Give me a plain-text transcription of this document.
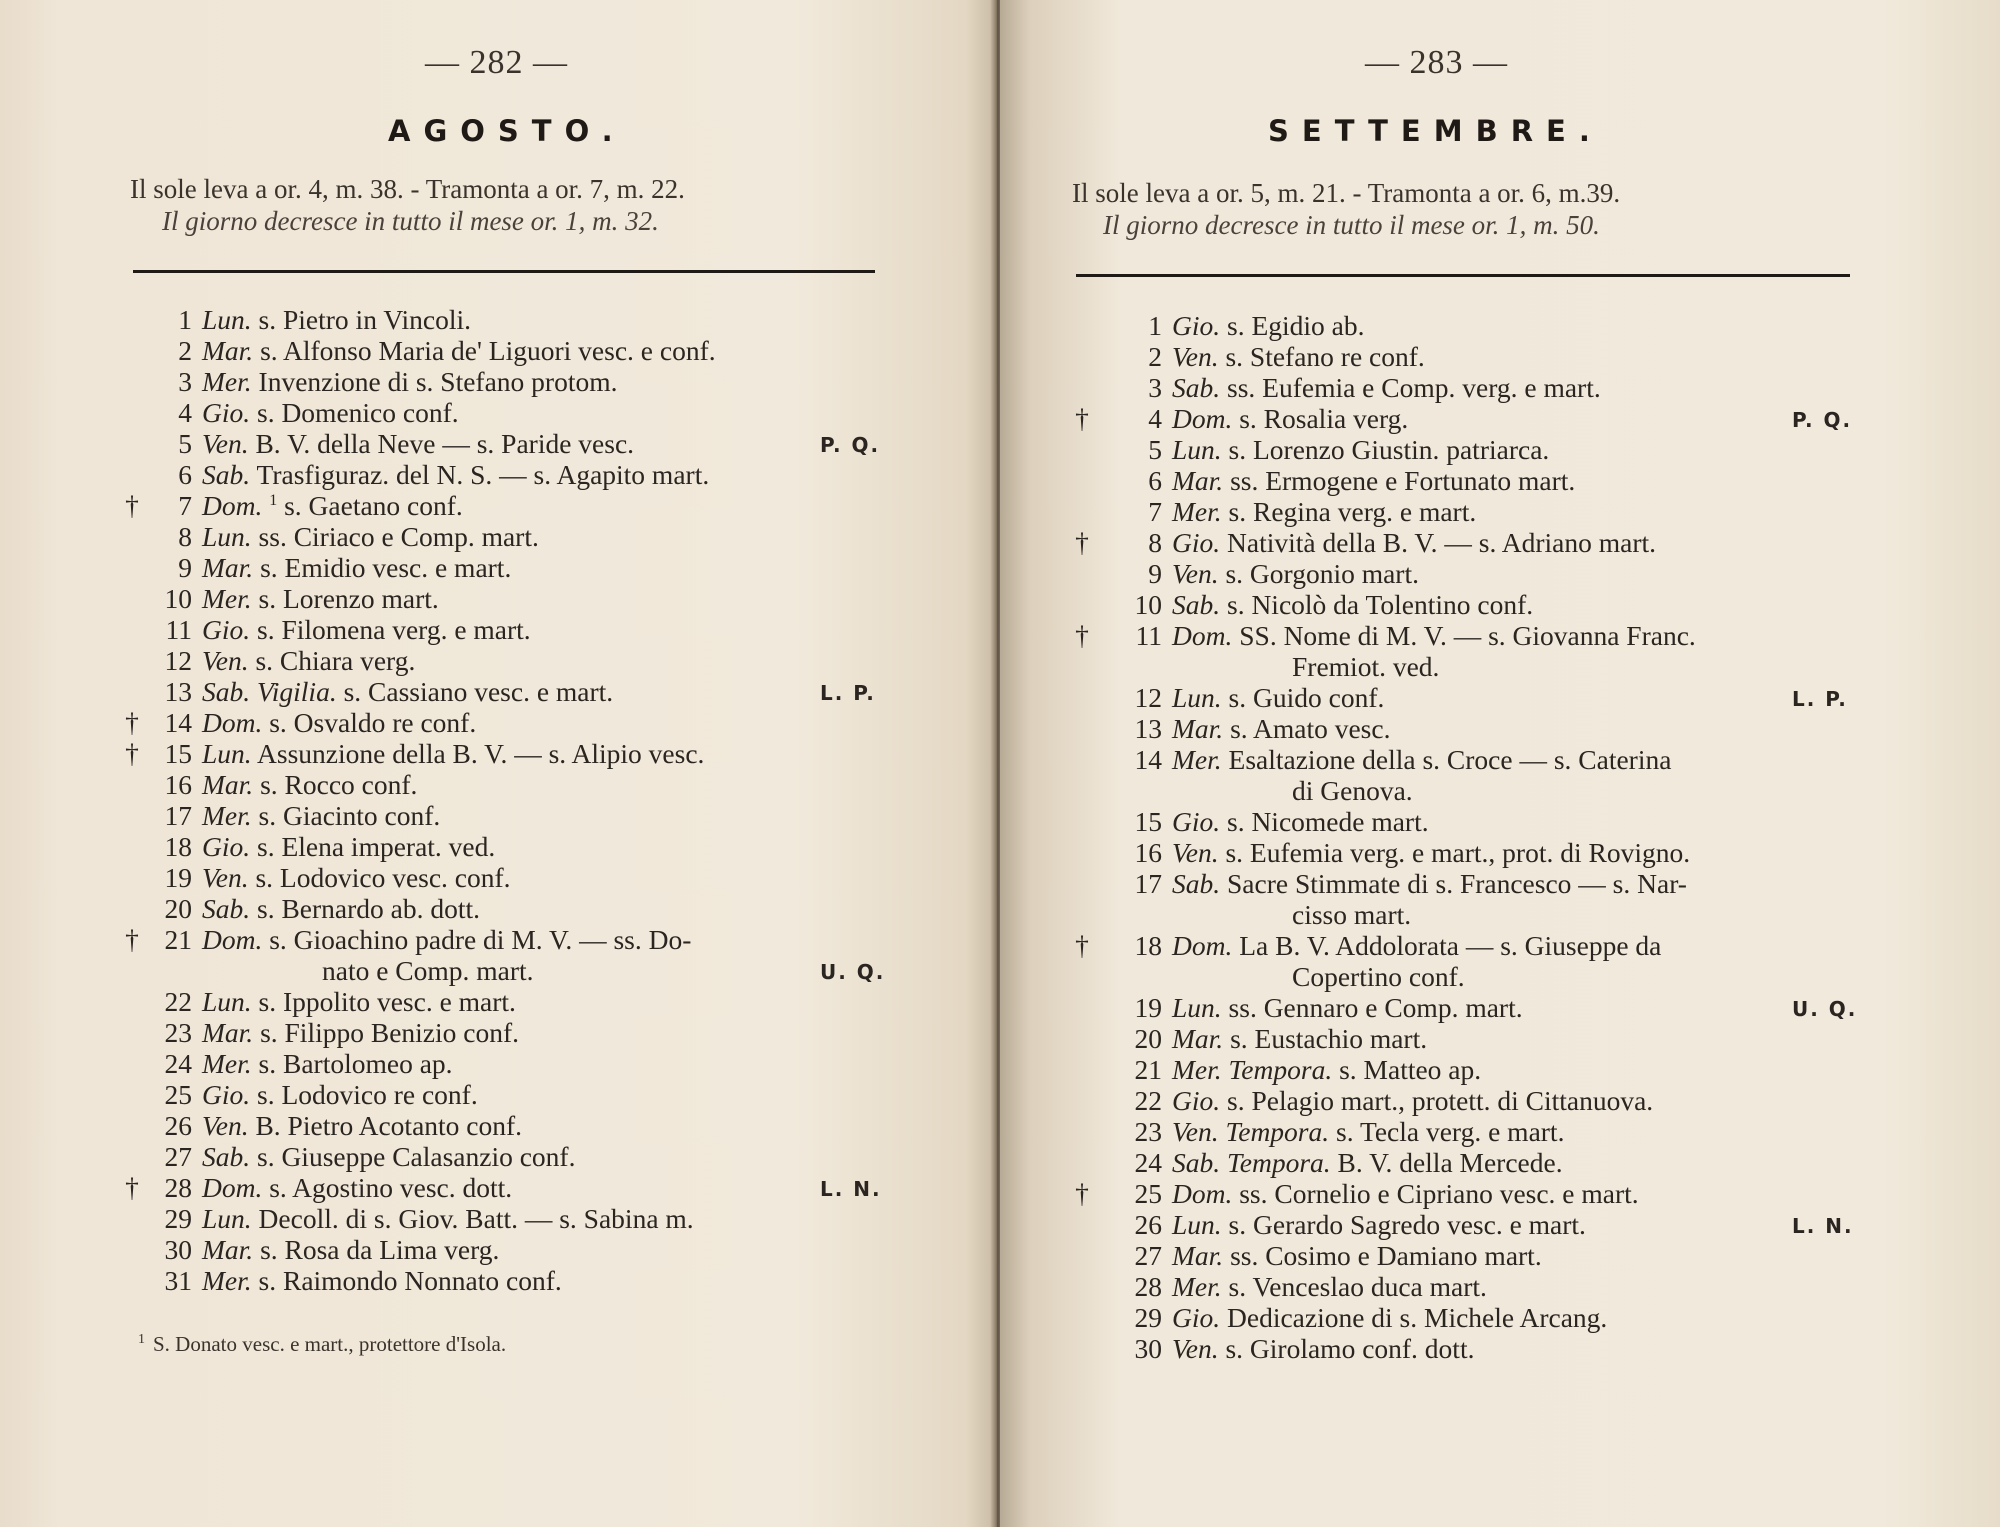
— 282 —
AGOSTO.
Il sole leva a or. 4, m. 38. - Tramonta a or. 7, m. 22.
Il giorno decresce in tutto il mese or. 1, m. 32.
1 Lun. s. Pietro in Vincoli.
2 Mar. s. Alfonso Maria de' Liguori vesc. e conf.
3 Mer. Invenzione di s. Stefano protom.
4 Gio. s. Domenico conf.
5 Ven. B. V. della Neve — s. Paride vesc.	P. Q.
6 Sab. Trasfiguraz. del N. S. — s. Agapito mart.
†	7 Dom. $^1$ s. Gaetano conf.
8 Lun. ss. Ciriaco e Comp. mart.
9 Mar. s. Emidio vesc. e mart.
10 Mer. s. Lorenzo mart.
11 Gio. s. Filomena verg. e mart.
12 Ven. s. Chiara verg.
13 Sab. Vigilia. s. Cassiano vesc. e mart.	L. P.
† 14 Dom. s. Osvaldo re conf.
† 15 Lun. Assunzione della B. V. — s. Alipio vesc.
16 Mar. s. Rocco conf.
17 Mer. s. Giacinto conf.
18 Gio. s. Elena imperat. ved.
19 Ven. s. Lodovico vesc. conf.
20 Sab. s. Bernardo ab. dott.
† 21 Dom. s. Gioachino padre di M. V. — ss. Do-
nato e Comp. mart.	U. Q.
22 Lun. s. Ippolito vesc. e mart.
23 Mar. s. Filippo Benizio conf.
24 Mer. s. Bartolomeo ap.
25 Gio. s. Lodovico re conf.
26 Ven. B. Pietro Acotanto conf.
27 Sab. s. Giuseppe Calasanzio conf.
† 28 Dom. s. Agostino vesc. dott.	L. N.
29 Lun. Decoll. di s. Giov. Batt. — s. Sabina m.
30 Mar. s. Rosa da Lima verg.
31 Mer. s. Raimondo Nonnato conf.
$^1$ S. Donato vesc. e mart., protettore d'Isola.
— 283 —
SETTEMBRE.
Il sole leva a or. 5, m. 21. - Tramonta a or. 6, m.39.
Il giorno decresce in tutto il mese or. 1, m. 50.
1 Gio. s. Egidio ab.
2 Ven. s. Stefano re conf.
3 Sab. ss. Eufemia e Comp. verg. e mart.
†	4 Dom. s. Rosalia verg.	P. Q.
5 Lun. s. Lorenzo Giustin. patriarca.
6 Mar. ss. Ermogene e Fortunato mart.
7 Mer. s. Regina verg. e mart.
†	8 Gio. Natività della B. V. — s. Adriano mart.
9 Ven. s. Gorgonio mart.
10 Sab. s. Nicolò da Tolentino conf.
†	11 Dom. SS. Nome di M. V. — s. Giovanna Franc.
Fremiot. ved.
12 Lun. s. Guido conf.	L. P.
13 Mar. s. Amato vesc.
14 Mer. Esaltazione della s. Croce — s. Caterina
di Genova.
15 Gio. s. Nicomede mart.
16 Ven. s. Eufemia verg. e mart., prot. di Rovigno.
17 Sab. Sacre Stimmate di s. Francesco — s. Nar-
cisso mart.
†	18 Dom. La B. V. Addolorata — s. Giuseppe da
Copertino conf.
19 Lun. ss. Gennaro e Comp. mart.	U. Q.
20 Mar. s. Eustachio mart.
21 Mer. Tempora. s. Matteo ap.
22 Gio. s. Pelagio mart., protett. di Cittanuova.
23 Ven. Tempora. s. Tecla verg. e mart.
24 Sab. Tempora. B. V. della Mercede.
†	25 Dom. ss. Cornelio e Cipriano vesc. e mart.
26 Lun. s. Gerardo Sagredo vesc. e mart.	L. N.
27 Mar. ss. Cosimo e Damiano mart.
28 Mer. s. Venceslao duca mart.
29 Gio. Dedicazione di s. Michele Arcang.
30 Ven. s. Girolamo conf. dott.
